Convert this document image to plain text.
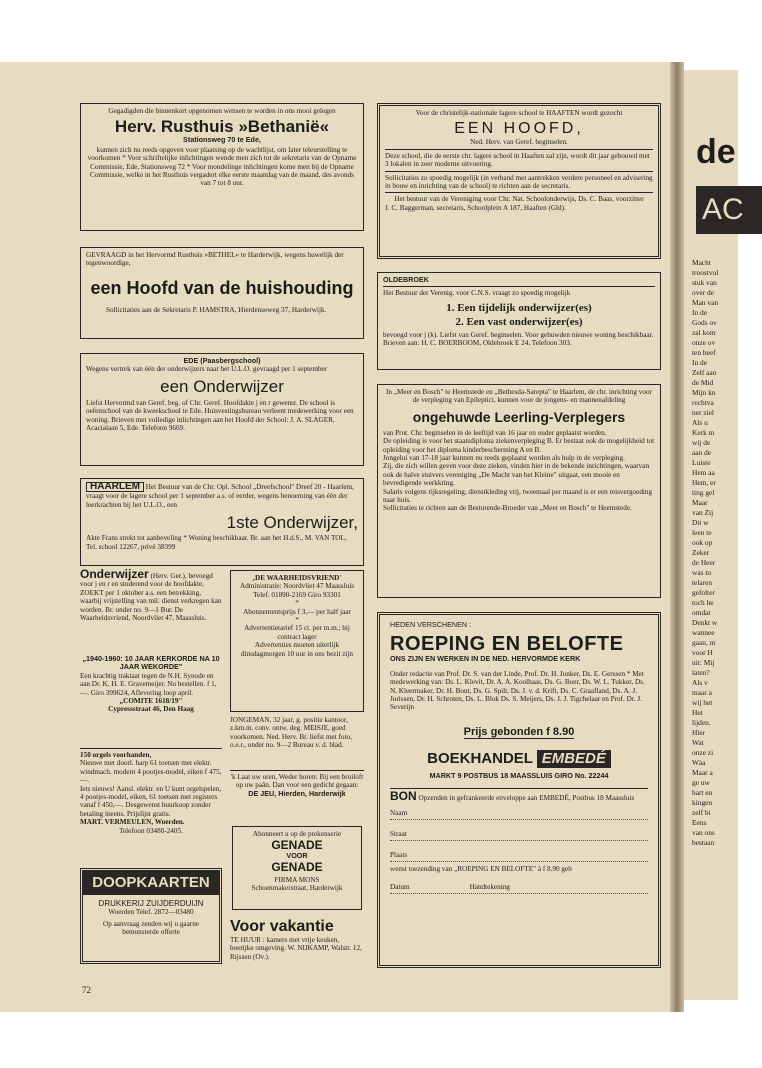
Gegadigden die binnenkort opgenomen wensen te worden in ons mooi gelegen

Herv. Rusthuis »Bethanië«

Stationsweg 70 te Ede,

kunnen zich nu reeds opgeven voor plaatsing op de wachtlijst, om later teleurstelling te voorkomen * Voor schriftelijke inlichtingen wende men zich tot de sekretaris van de Opname Commissie, Ede, Stationsweg 72 * Voor mondelinge inlichtingen kome men bij de Opname Commissie, welke in het Rusthuis vergadert elke eerste maandag van de maand, des avonds van 7 tot 8 uur.

GEVRAAGD in het Hervormd Rusthuis »BETHEL« te Harderwijk, wegens huwelijk der tegenwoordige,

een Hoofd van de huishouding

Sollicitaties aan de Sekretaris P. HAMSTRA, Hierdenseweg 37, Harderwijk.

EDE (Paasbergschool)

Wegens vertrek van één der onderwijzers naar het U.L.O. gevraagd per 1 september

een Onderwijzer

Liefst Hervormd van Geref. beg. of Chr. Geref. Hoofdakte j en r gewenst. De school is oefenschool van de kweekschool te Ede. Huisvestingsbureau verleent medewerking voor een woning. Brieven met volledige inlichtingen aan het Hoofd der School: J. A. SLAGER, Acacialaan 5, Ede. Telefoon 9669.

HAARLEM Het Bestuur van de Chr. Opl. School „Dreefschool" Dreef 20 - Haarlem, vraagt voor de lagere school per 1 september a.s. of eerder, wegens benoeming van één der leerkrachten bij het U.L.O., een

1ste Onderwijzer,

Akte Frans strekt tot aanbeveling * Woning beschikbaar. Br. aan het H.d.S., M. VAN TOL, Tel. school 12267, privé 38399

Onderwijzer (Herv. Ger.), bevoegd voor j en r en studerend voor de hoofdakte, ZOEKT per 1 oktober a.s. een betrekking, waarbij vrijstelling van mil. dienst verkregen kan worden. Br. onder no. 9—1 Bur. De Waarheidsvriend, Noordvliet 47, Maassluis.

„1940-1960: 10 JAAR KERKORDE NA 10 JAAR WEKORDE"

Een krachtig traktaat tegen de N.H. Synode en aan Dr. K. H. E. Gravemeijer. Nu bestellen. f 1,—. Giro 399624, Aflevering loop april.

„COMITE 1618/19"

Cypressstraat 46, Den Haag

150 orgels voorhanden,

Nieuwe met doorl. harp 61 toetsen met elektr. windmach. modern 4 pootjes-model, eiken f 475,—.

Iets nieuws! Aansl. elektr. en U kunt orgelspelen, 4 pootjes-model, eiken, 61 toetsen met registers vanaf f 450,—. Desgewenst huurkoop zonder betaling ineens. Prijslijst gratis.

MART. VERMEULEN, Woerden.

Telefoon 03480-2405.

DOOPKAARTEN

DRUKKERIJ ZUIJDERDUIJN

Woerden Telef. 2872—03480

Op aanvraag zenden wij u gaarne bemonsterde offerte

‚DE WAARHEIDSVRIEND'

Administratie: Noordvliet 47 Maassluis Telef. 01890-2169 Giro 93301

*

Abonnementsprijs f 3,— per half jaar

*

Advertentietarief 15 ct. per m.m.; bij contract lager

Advertenties moeten uiterlijk dinsdagmorgen 10 uur in ons bezit zijn

JONGEMAN, 32 jaar, g. positie kantoor, z.km.m. conv. ontw. deg. MEISJE, goed voorkomen. Ned. Herv. Br. liefst met foto, o.e.r., onder no. 9—2 Bureau v. d. blad.

'k Laat uw oren, Weder horen: Bij een bruiloft op uw paân. Dan voor een gedicht gegaan:

DE JEU, Hierden, Harderwijk

Abonneert u op de prekenserie

GENADE

VOOR

GENADE

FIRMA MONS

Schoenmakerstraat, Harderwijk

Voor vakantie

TE HUUR : kamers met vrije keuken, boerijke omgeving. W. NIJKAMP, Walstr. 12, Rijssen (Ov.).

Voor de christelijk-nationale lagere school te HAAFTEN wordt gezocht

EEN HOOFD,

Ned. Herv. van Geref. beginselen.

Deze school, die de eerste chr. lagere school in Haaften zal zijn, wordt dit jaar gebouwd met 3 lokalen in zeer moderne uitvoering.

Sollicitaties zo spoedig mogelijk (in verband met aantrekken verdere personeel en advisering in bouw en inrichting van de school) te richten aan de secretaris.

Het bestuur van de Vereniging voor Chr. Nat. Schoolonderwijs, Ds. C. Baas, voorzitter

J. C. Baggerman, secretaris, Schoolplein A 187, Haaften (Gld).

OLDEBROEK

Het Bestuur der Verenig. voor C.N.S. vraagt zo spoedig mogelijk

1. Een tijdelijk onderwijzer(es)

2. Een vast onderwijzer(es)

bevoegd voor j (k). Liefst van Geref. beginselen. Voor gehuwden nieuwe woning beschikbaar. Brieven aan: H. C. BOERBOOM, Oldebroek E 24, Telefoon 303.

In „Meer en Bosch" te Heemstede en „Bethesda-Sarepta" te Haarlem, de chr. inrichting voor de verpleging van Epileptici, kunnen voor de jongens- en mannenafdeling

ongehuwde Leerling-Verplegers

van Prot. Chr. beginselen in de leeftijd van 16 jaar en ouder geplaatst worden.

De opleiding is voor het staatsdiploma ziekenverpleging B. Er bestaat ook de mogelijkheid tot opleiding voor het diploma kinderbescherming A en B.

Jongelui van 17-18 jaar kunnen nu reeds geplaatst worden als hulp in de verpleging.

Zij, die zich willen geven voor deze zieken, vinden hier in de bekende inrichtingen, waarvan ook de halve stuivers vereniging „De Macht van het Kleine" uitgaat, een mooie en bevredigende werkkring.

Salaris volgens rijksregeling, dienstkleding vrij, tweemaal per maand is er een reisvergoeding naar huis.

Sollicitaties te richten aan de Besturende-Broeder van „Meer en Bosch" te Heemstede.

HEDEN VERSCHENEN :

ROEPING EN BELOFTE

ONS ZIJN EN WERKEN IN DE NED. HERVORMDE KERK

Onder redactie van Prof. Dr. S. van der Linde, Prof. Dr. H. Jonker, Ds. E. Gerssen * Met medewerking van: Ds. L. Klevit, Dr. A. A. Koolhaas, Ds. G. Boer, Ds. W. L. Tukker, Ds. N. Kleermaker, Dr. H. Bout, Ds. G. Spilt, Ds. J. v. d. Krift, Ds. C. Graafland, Ds. A. J. Jorissen, Dr. H. Schroten, Ds. L. Blok Ds. S. Meijers, Ds. J. J. Tigchelaar en Prof. Dr. J. Severijn

Prijs gebonden f 8.90

BOEKHANDEL EMBEDÉ

MARKT 9 POSTBUS 18 MAASSLUIS GIRO No. 22244

BON Opzenden in gefrankeerde enveloppe aan EMBEDÉ, Postbus 18 Maassluis

Naam

Straat

Plaats

wenst toezending van „ROEPING EN BELOFTE" à f 8.90 geb

Datum	Handtekening

72

de

AC

Macht

troostvol

stuk van

over de

Man van

In de

Gods ov

zal kom

onze ov

ten heef

In de

Zelf aan

de Mid

Mijn kn

rechtva

ner ziel

Als u

Kerk m

wij de

aan de

Luiste

Hem aa

Hem, er

ting gel

Maar

van Zij

Dit w

leen te

ook op

Zeker

de Heer

was to

telaren

gefolter

toch he

omdat

Denkt w

wannee

gaan, m

voor H

uit: Mij

laten?

Als v

maar a

wij het

Het

lijden.

Hier

Wat

onze zi

Wàa

Maar a

ge uw

hart en

kingen

zelf bi

Eens

van ons

bestaan
